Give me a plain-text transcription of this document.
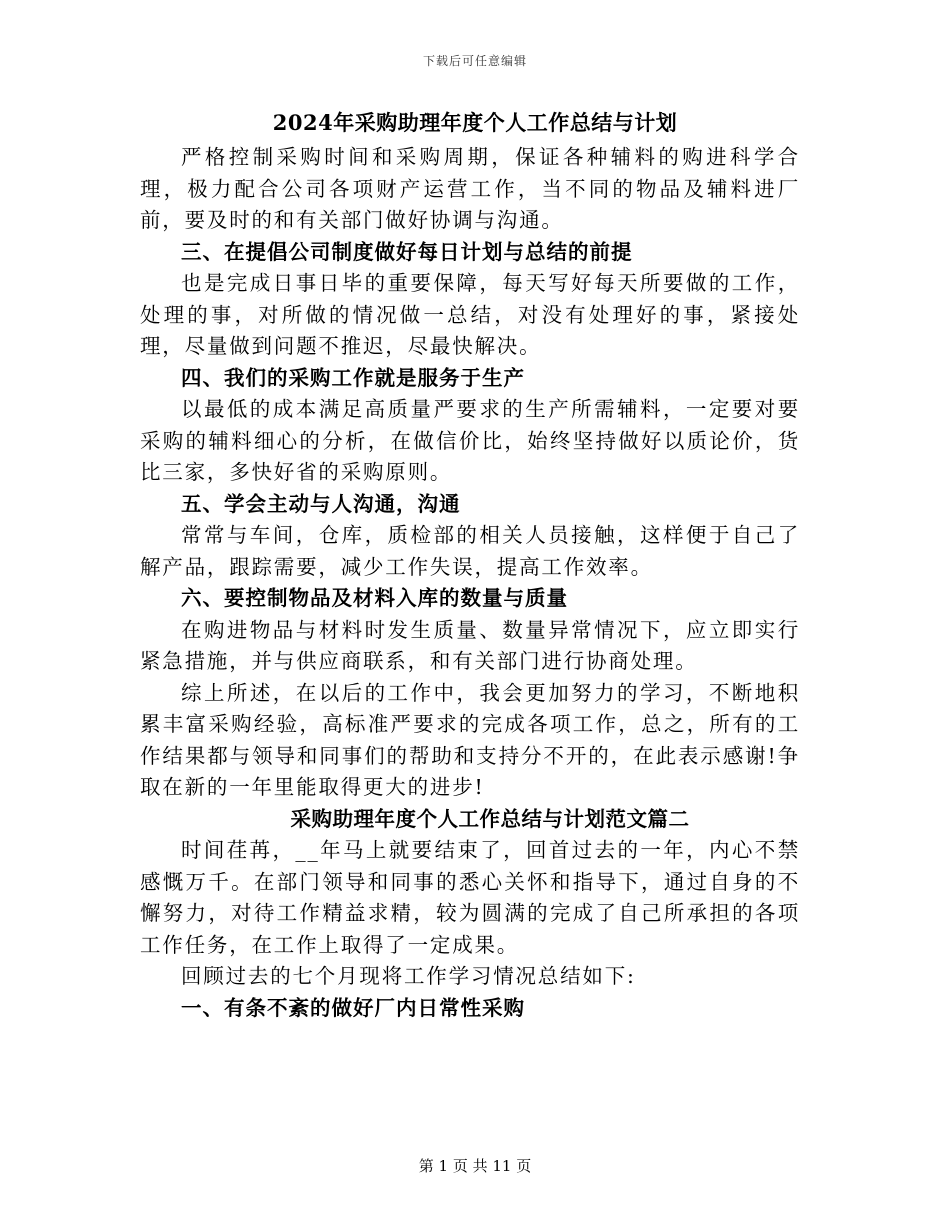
下载后可任意编辑
2024年采购助理年度个人工作总结与计划

严格控制采购时间和采购周期，保证各种辅料的购进科学合理，极力配合公司各项财产运营工作，当不同的物品及辅料进厂前，要及时的和有关部门做好协调与沟通。

三、在提倡公司制度做好每日计划与总结的前提

也是完成日事日毕的重要保障，每天写好每天所要做的工作，处理的事，对所做的情况做一总结，对没有处理好的事，紧接处理，尽量做到问题不推迟，尽最快解决。

四、我们的采购工作就是服务于生产

以最低的成本满足高质量严要求的生产所需辅料，一定要对要采购的辅料细心的分析，在做信价比，始终坚持做好以质论价，货比三家，多快好省的采购原则。

五、学会主动与人沟通，沟通

常常与车间，仓库，质检部的相关人员接触，这样便于自己了解产品，跟踪需要，减少工作失误，提高工作效率。

六、要控制物品及材料入库的数量与质量

在购进物品与材料时发生质量、数量异常情况下，应立即实行紧急措施，并与供应商联系，和有关部门进行协商处理。

综上所述，在以后的工作中，我会更加努力的学习，不断地积累丰富采购经验，高标准严要求的完成各项工作，总之，所有的工作结果都与领导和同事们的帮助和支持分不开的，在此表示感谢!争取在新的一年里能取得更大的进步!

采购助理年度个人工作总结与计划范文篇二

时间荏苒，__年马上就要结束了，回首过去的一年，内心不禁感慨万千。在部门领导和同事的悉心关怀和指导下，通过自身的不懈努力，对待工作精益求精，较为圆满的完成了自己所承担的各项工作任务，在工作上取得了一定成果。

回顾过去的七个月现将工作学习情况总结如下:

一、有条不紊的做好厂内日常性采购

第 1 页 共 11 页
